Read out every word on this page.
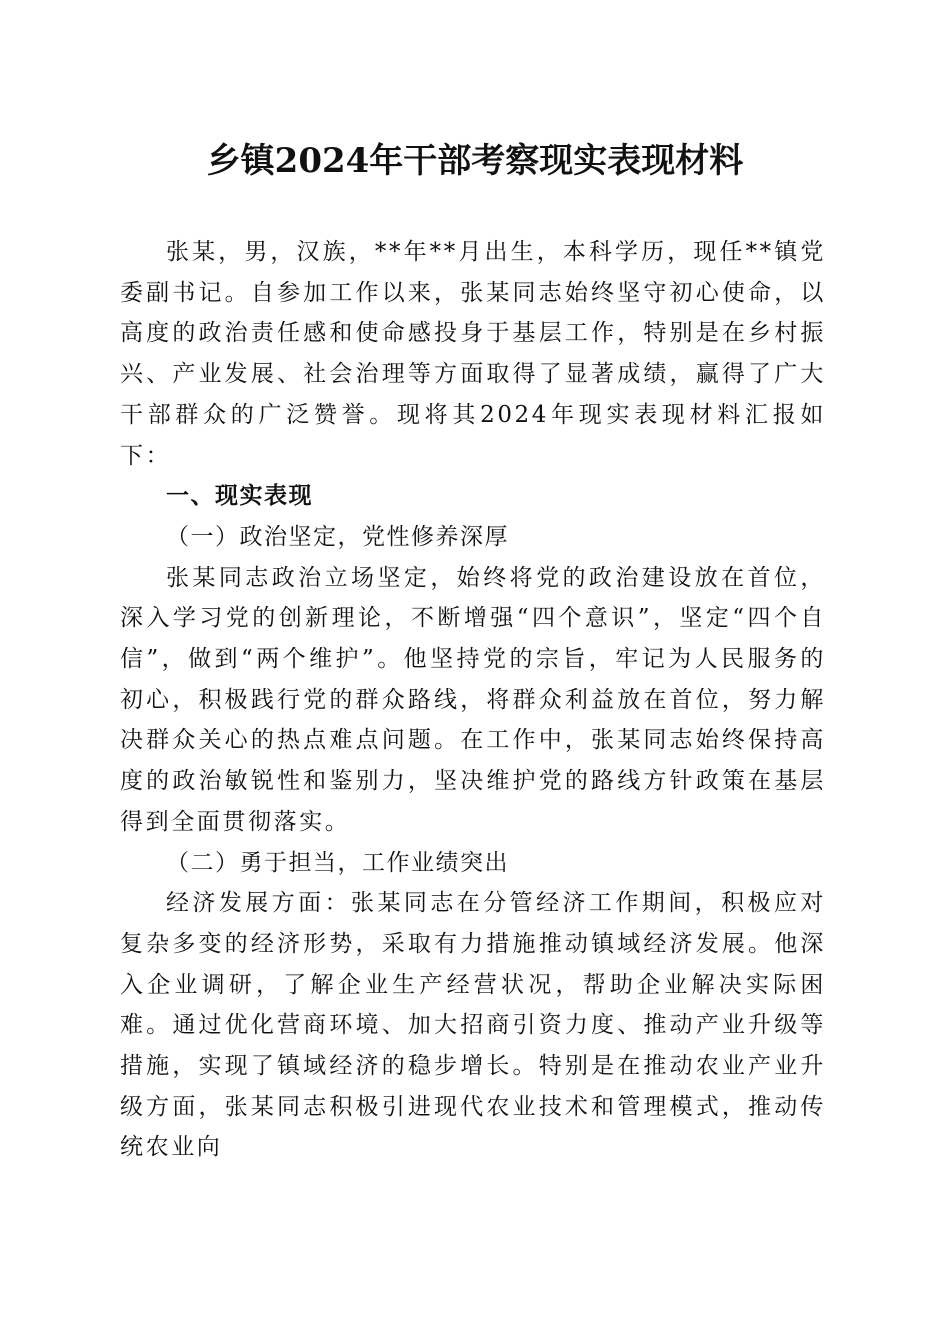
乡镇2024年干部考察现实表现材料

张某，男，汉族，**年**月出生，本科学历，现任**镇党委副书记。自参加工作以来，张某同志始终坚守初心使命，以高度的政治责任感和使命感投身于基层工作，特别是在乡村振兴、产业发展、社会治理等方面取得了显著成绩，赢得了广大干部群众的广泛赞誉。现将其2024年现实表现材料汇报如下：

一、现实表现

（一）政治坚定，党性修养深厚

张某同志政治立场坚定，始终将党的政治建设放在首位，深入学习党的创新理论，不断增强“四个意识”，坚定“四个自信”，做到“两个维护”。他坚持党的宗旨，牢记为人民服务的初心，积极践行党的群众路线，将群众利益放在首位，努力解决群众关心的热点难点问题。在工作中，张某同志始终保持高度的政治敏锐性和鉴别力，坚决维护党的路线方针政策在基层得到全面贯彻落实。

（二）勇于担当，工作业绩突出

经济发展方面：张某同志在分管经济工作期间，积极应对复杂多变的经济形势，采取有力措施推动镇域经济发展。他深入企业调研，了解企业生产经营状况，帮助企业解决实际困难。通过优化营商环境、加大招商引资力度、推动产业升级等措施，实现了镇域经济的稳步增长。特别是在推动农业产业升级方面，张某同志积极引进现代农业技术和管理模式，推动传统农业向
